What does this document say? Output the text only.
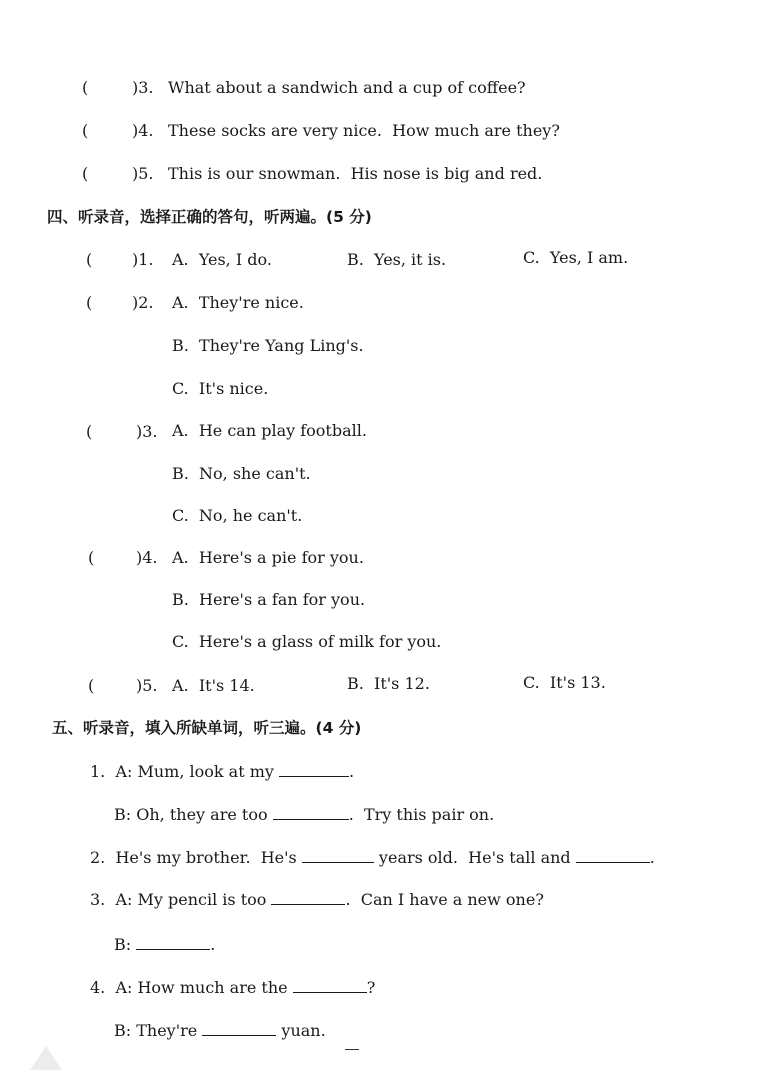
(	)3. What about a sandwich and a cup of coffee?
(	)4. These socks are very nice.  How much are they?
(	)5. This is our snowman.  His nose is big and red.
四、听录音，选择正确的答句，听两遍。(5 分)
( )1. A.  Yes, I do.	B.  Yes, it is.	C.  Yes, I am.
( )2. A.  They're nice.
B.  They're Yang Ling's.
C.  It's nice.
(	)3. A.  He can play football.
B.  No, she can't.
C.  No, he can't.
(	)4. A.  Here's a pie for you.
B.  Here's a fan for you.
C.  Here's a glass of milk for you.
(	)5. A.  It's 14.	B.  It's 12.	C.  It's 13.
五、听录音，填入所缺单词，听三遍。(4 分)
1.  A: Mum, look at my	.
B: Oh, they are too	.  Try this pair on.
2.  He's my brother.  He's	years old.  He's tall and	.
3.  A: My pencil is too	.  Can I have a new one?
B:	.
4.  A: How much are the	?
B: They're	yuan.
